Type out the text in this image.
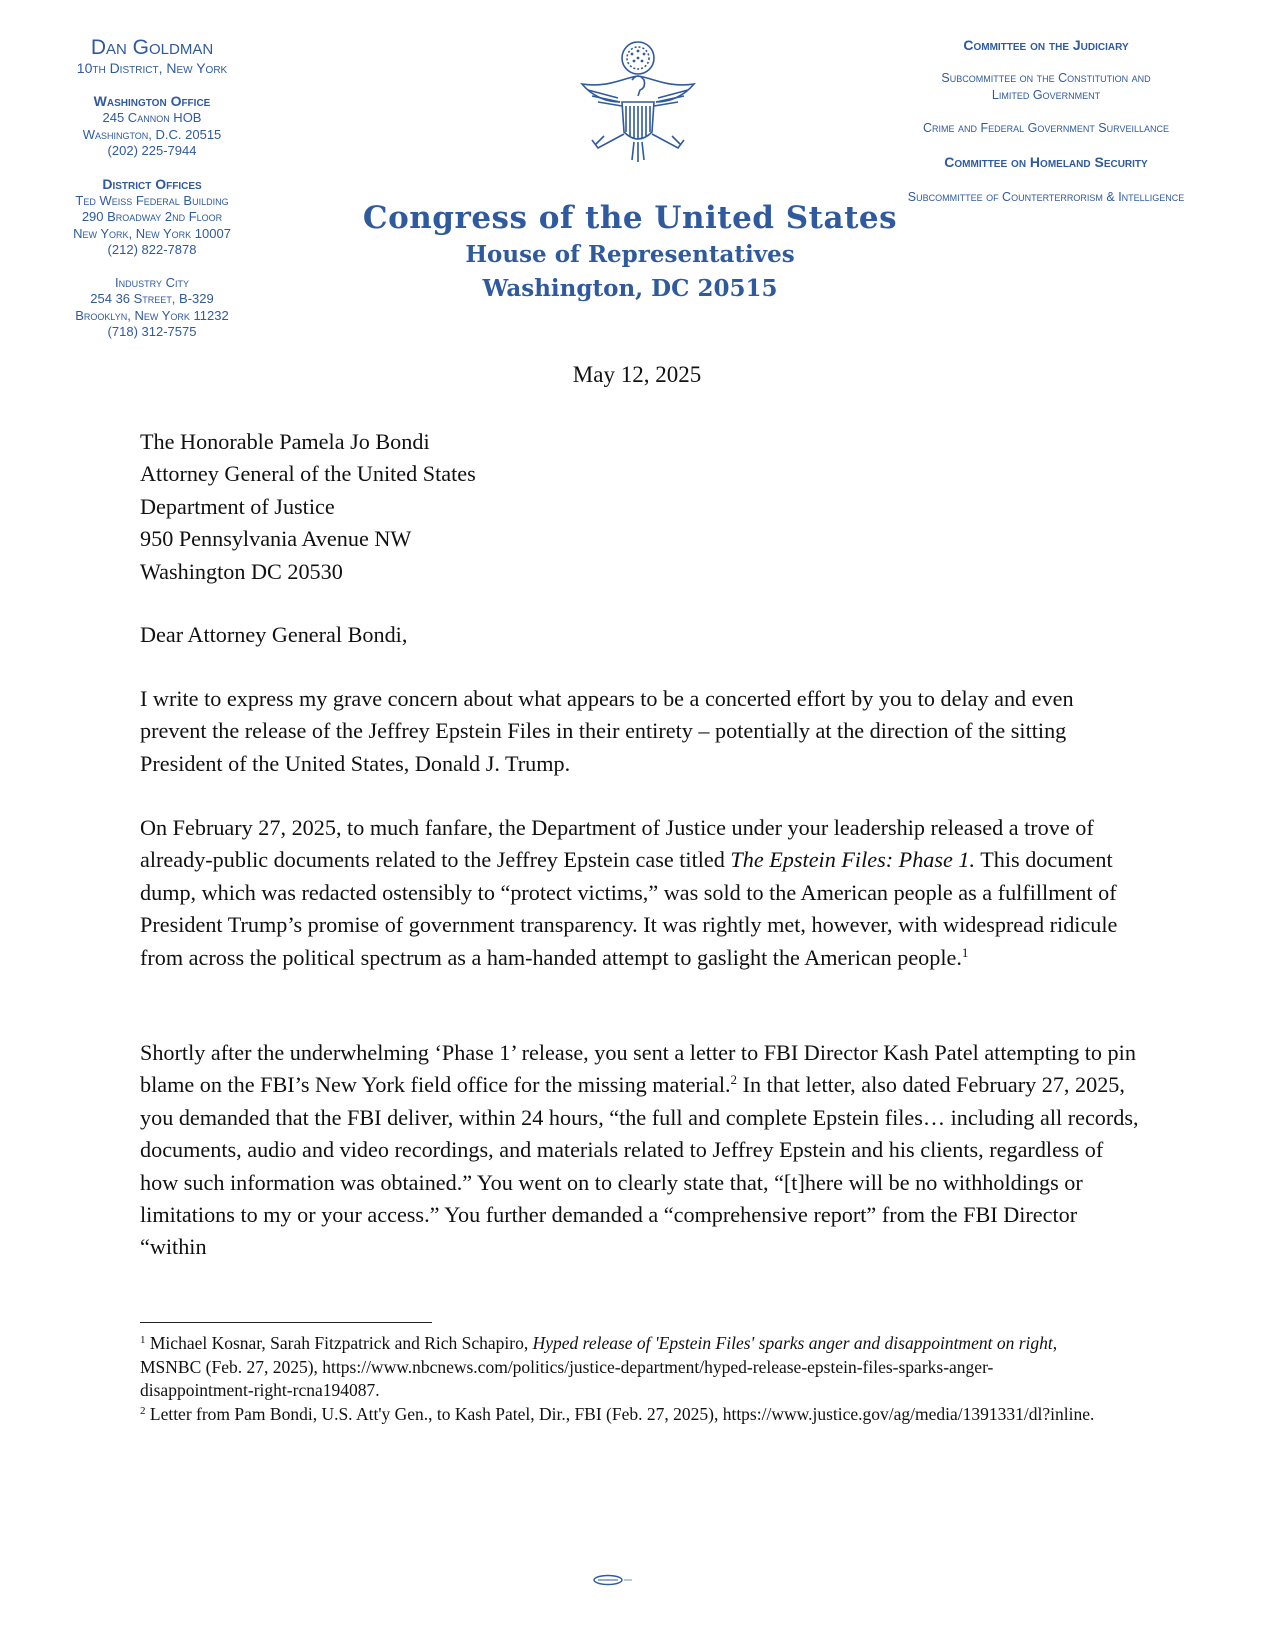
Dan Goldman
10th District, New York
Washington Office
245 Cannon HOB
Washington, D.C. 20515
(202) 225-7944
District Offices
Ted Weiss Federal Building
290 Broadway 2nd Floor
New York, New York 10007
(212) 822-7878
Industry City
254 36 Street, B-329
Brooklyn, New York 11232
(718) 312-7575
Congress of the United States
House of Representatives
Washington, DC 20515
Committee on the Judiciary
Subcommittee on the Constitution and
Limited Government
Crime and Federal Government Surveillance
Committee on Homeland Security
Subcommittee of Counterterrorism & Intelligence
May 12, 2025

The Honorable Pamela Jo Bondi

Attorney General of the United States

Department of Justice

950 Pennsylvania Avenue NW

Washington DC 20530

Dear Attorney General Bondi,
I write to express my grave concern about what appears to be a concerted effort by you to delay and even prevent the release of the Jeffrey Epstein Files in their entirety – potentially at the direction of the sitting President of the United States, Donald J. Trump.
On February 27, 2025, to much fanfare, the Department of Justice under your leadership released a trove of already-public documents related to the Jeffrey Epstein case titled The Epstein Files: Phase 1. This document dump, which was redacted ostensibly to “protect victims,” was sold to the American people as a fulfillment of President Trump’s promise of government transparency. It was rightly met, however, with widespread ridicule from across the political spectrum as a ham-handed attempt to gaslight the American people.$^1$
Shortly after the underwhelming ‘Phase 1’ release, you sent a letter to FBI Director Kash Patel attempting to pin blame on the FBI’s New York field office for the missing material.$^2$ In that letter, also dated February 27, 2025, you demanded that the FBI deliver, within 24 hours, “the full and complete Epstein files… including all records, documents, audio and video recordings, and materials related to Jeffrey Epstein and his clients, regardless of how such information was obtained.” You went on to clearly state that, “[t]here will be no withholdings or limitations to my or your access.” You further demanded a “comprehensive report” from the FBI Director “within

$^1$ Michael Kosnar, Sarah Fitzpatrick and Rich Schapiro, Hyped release of 'Epstein Files' sparks anger and disappointment on right, MSNBC (Feb. 27, 2025), https://www.nbcnews.com/politics/justice-department/hyped-release-epstein-files-sparks-anger-disappointment-right-rcna194087.

$^2$ Letter from Pam Bondi, U.S. Att'y Gen., to Kash Patel, Dir., FBI (Feb. 27, 2025), https://www.justice.gov/ag/media/1391331/dl?inline.
